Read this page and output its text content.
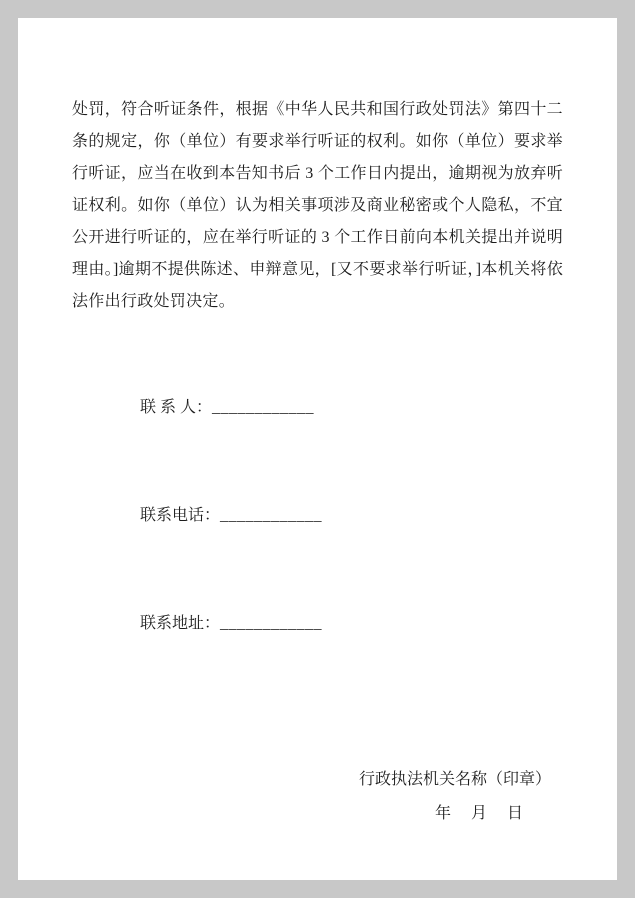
处罚，符合听证条件，根据《中华人民共和国行政处罚法》第四十二条的规定，你（单位）有要求举行听证的权利。如你（单位）要求举行听证，应当在收到本告知书后 3 个工作日内提出，逾期视为放弃听证权利。如你（单位）认为相关事项涉及商业秘密或个人隐私，不宜公开进行听证的，应在举行听证的 3 个工作日前向本机关提出并说明理由。]逾期不提供陈述、申辩意见，[又不要求举行听证，]本机关将依法作出行政处罚决定。

联 系 人：____________

联系电话：____________

联系地址：____________

行政执法机关名称（印章）
年　 月　 日
